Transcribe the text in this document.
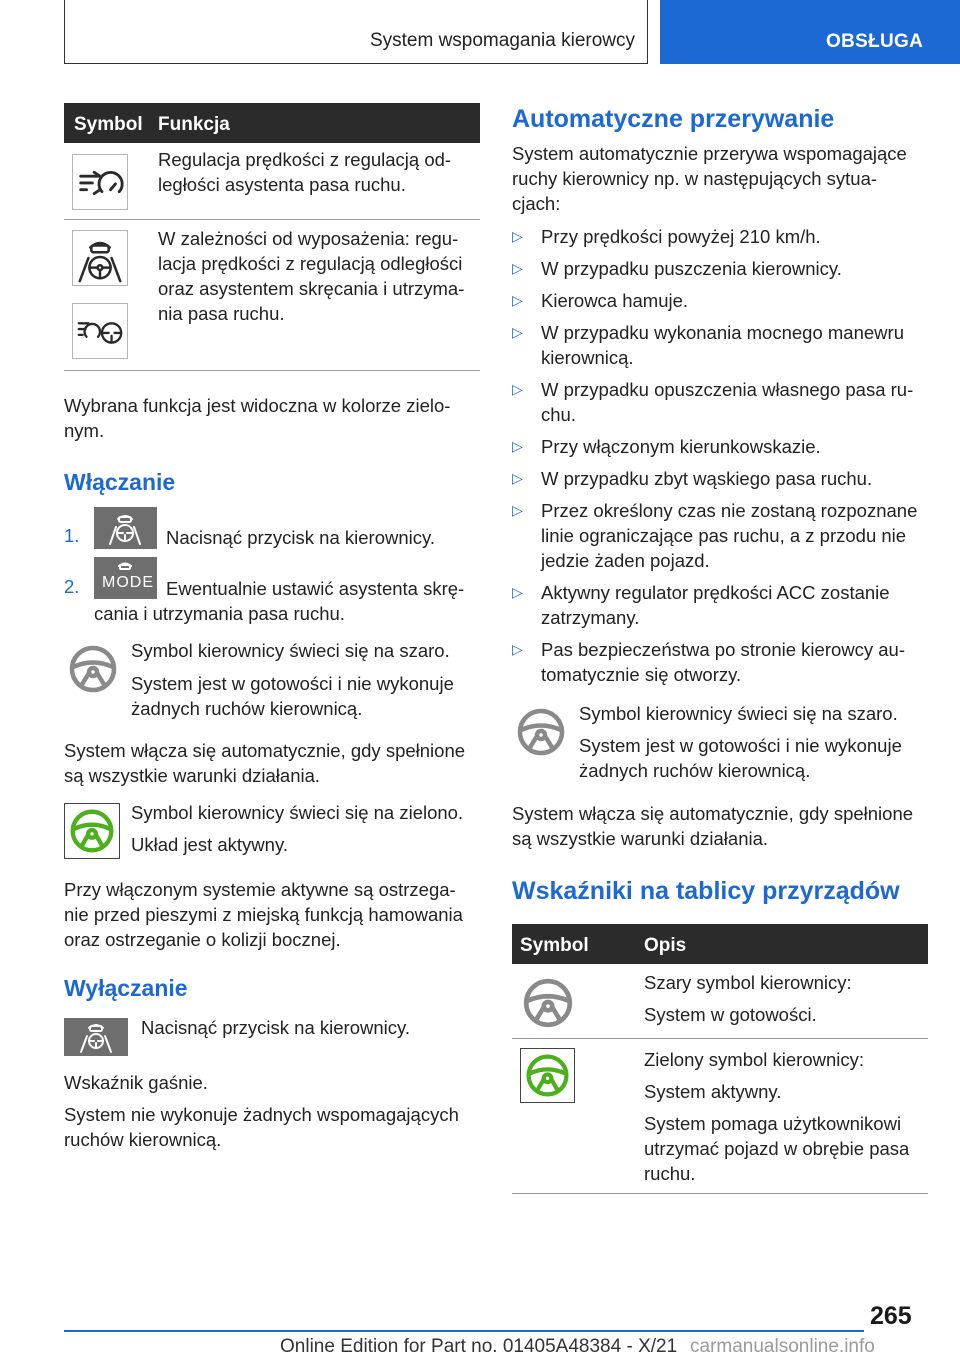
System wspomagania kierowcy	OBSŁUGA
Symbol Funkcja

Regulacja prędkości z regulacją od-
ległości asystenta pasa ruchu.

W zależności od wyposażenia: regu-
lacja prędkości z regulacją odległości
oraz asystentem skręcania i utrzyma-
nia pasa ruchu.

Wybrana funkcja jest widoczna w kolorze zielo-
nym.

Włączanie
1.	Nacisnąć przycisk na kierownicy.

2. MODE Ewentualnie ustawić asystenta skrę-

cania i utrzymania pasa ruchu.

Symbol kierownicy świeci się na szaro.

System jest w gotowości i nie wykonuje
żadnych ruchów kierownicą.

System włącza się automatycznie, gdy spełnione
są wszystkie warunki działania.

Symbol kierownicy świeci się na zielono.

Układ jest aktywny.

Przy włączonym systemie aktywne są ostrzega-
nie przed pieszymi z miejską funkcją hamowania
oraz ostrzeganie o kolizji bocznej.

Wyłączanie

Nacisnąć przycisk na kierownicy.

Wskaźnik gaśnie.

System nie wykonuje żadnych wspomagających
ruchów kierownicą.

Automatyczne przerywanie

System automatycznie przerywa wspomagające
ruchy kierownicy np. w następujących sytua-
cjach:

▷ Przy prędkości powyżej 210 km/h.
▷ W przypadku puszczenia kierownicy.
▷ Kierowca hamuje.
▷ W przypadku wykonania mocnego manewru
kierownicą.
▷ W przypadku opuszczenia własnego pasa ru-
chu.
▷ Przy włączonym kierunkowskazie.
▷ W przypadku zbyt wąskiego pasa ruchu.
▷ Przez określony czas nie zostaną rozpoznane
linie ograniczające pas ruchu, a z przodu nie
jedzie żaden pojazd.
▷ Aktywny regulator prędkości ACC zostanie
zatrzymany.
▷ Pas bezpieczeństwa po stronie kierowcy au-
tomatycznie się otworzy.

Symbol kierownicy świeci się na szaro.

System jest w gotowości i nie wykonuje
żadnych ruchów kierownicą.

System włącza się automatycznie, gdy spełnione
są wszystkie warunki działania.

Wskaźniki na tablicy przyrządów
Symbol	Opis

Szary symbol kierownicy:

System w gotowości.

Zielony symbol kierownicy:

System aktywny.

System pomaga użytkownikowi
utrzymać pojazd w obrębie pasa
ruchu.

265
Online Edition for Part no. 01405A48384 - X/21 carmanualsonline.info
